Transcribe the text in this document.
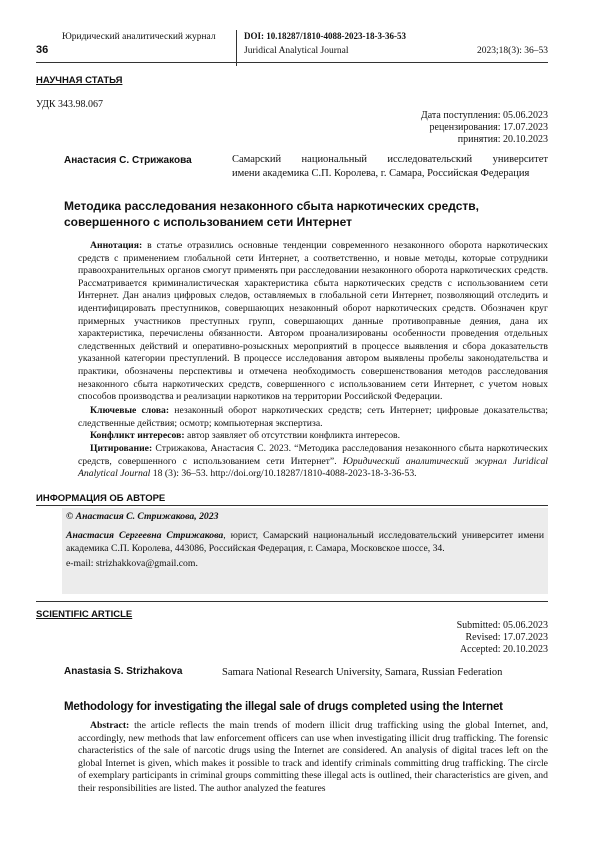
36
Юридический аналитический журнал	DOI: 10.18287/1810-4088-2023-18-3-36-53
Juridical Analytical Journal	2023;18(3): 36–53
НАУЧНАЯ СТАТЬЯ
УДК 343.98.067
Дата поступления: 05.06.2023
рецензирования: 17.07.2023
принятия: 20.10.2023
Анастасия С. Стрижакова	Самарский национальный исследовательский университет
имени академика С.П. Королева, г. Самара, Российская Федерация
Методика расследования незаконного сбыта наркотических средств, совершенного с использованием сети Интернет
Аннотация: в статье отразились основные тенденции современного незаконного оборота наркотических средств с применением глобальной сети Интернет, а соответственно, и новые методы, которые сотрудники правоохранительных органов смогут применять при расследовании незаконного оборота наркотических средств. Рассматривается криминалистическая характеристика сбыта наркотических средств с использованием сети Интернет. Дан анализ цифровых следов, оставляемых в глобальной сети Интернет, позволяющий отследить и идентифицировать преступников, совершающих незаконный оборот наркотических средств. Обозначен круг примерных участников преступных групп, совершающих данные противоправные деяния, дана их характеристика, перечислены обязанности. Автором проанализированы особенности проведения отдельных следственных действий и оперативно-розыскных мероприятий в процессе выявления и сбора доказательств указанной категории преступлений. В процессе исследования автором выявлены пробелы законодательства и практики, обозначены перспективы и отмечена необходимость совершенствования методов расследования незаконного сбыта наркотических средств, совершенного с использованием сети Интернет, с учетом новых способов производства и реализации наркотиков на территории Российской Федерации.
Ключевые слова: незаконный оборот наркотических средств; сеть Интернет; цифровые доказательства; следственные действия; осмотр; компьютерная экспертиза.
Конфликт интересов: автор заявляет об отсутствии конфликта интересов.
Цитирование: Стрижакова, Анастасия С. 2023. “Методика расследования незаконного сбыта наркотических средств, совершенного с использованием сети Интернет”. Юридический аналитический журнал Juridical Analytical Journal 18 (3): 36–53. http://doi.org/10.18287/1810-4088-2023-18-3-36-53.
ИНФОРМАЦИЯ ОБ АВТОРЕ
© Анастасия С. Стрижакова, 2023
Анастасия Сергеевна Стрижакова, юрист, Самарский национальный исследовательский университет имени академика С.П. Королева, 443086, Российская Федерация, г. Самара, Московское шоссе, 34.
e-mail: strizhakkova@gmail.com.
SCIENTIFIC ARTICLE
Submitted: 05.06.2023
Revised: 17.07.2023
Accepted: 20.10.2023
Anastasia S. Strizhakova	Samara National Research University, Samara, Russian Federation
Methodology for investigating the illegal sale of drugs completed using the Internet
Abstract: the article reflects the main trends of modern illicit drug trafficking using the global Internet, and, accordingly, new methods that law enforcement officers can use when investigating illicit drug trafficking. The forensic characteristics of the sale of narcotic drugs using the Internet are considered. An analysis of digital traces left on the global Internet is given, which makes it possible to track and identify criminals committing drug trafficking. The circle of exemplary participants in criminal groups committing these illegal acts is outlined, their characteristics are given, and their responsibilities are listed. The author analyzed the features
